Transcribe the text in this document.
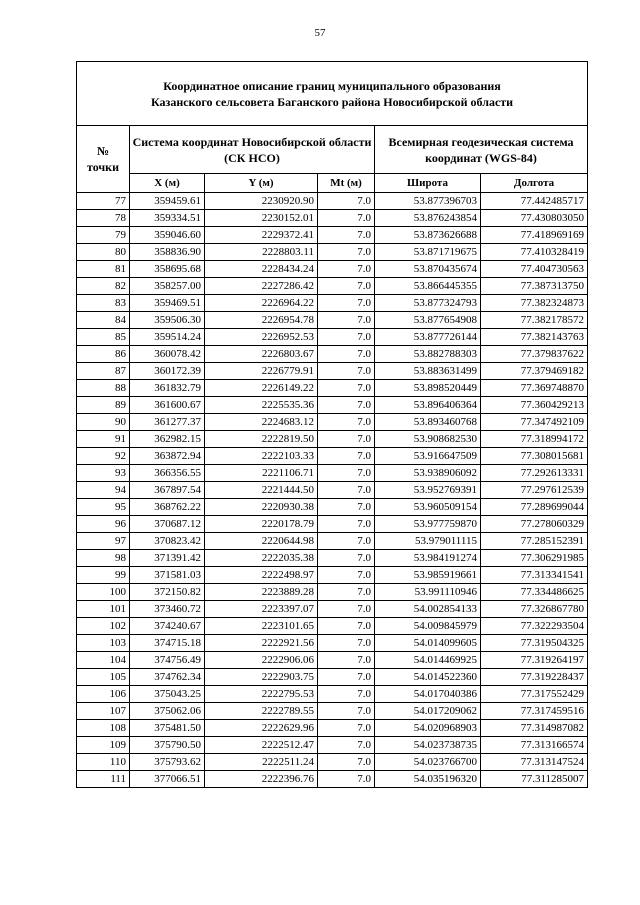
57
Координатное описание границ муниципального образования
Казанского сельсовета Баганского района Новосибирской области					

№
точки	Система координат Новосибирской области (СК НСО)			Всемирная геодезическая система координат (WGS-84)	
	X (м)	Y (м)	Mt (м)	Широта	Долгота
77	359459.61	2230920.90	7.0	53.877396703	77.442485717
78	359334.51	2230152.01	7.0	53.876243854	77.430803050
79	359046.60	2229372.41	7.0	53.873626688	77.418969169
80	358836.90	2228803.11	7.0	53.871719675	77.410328419
81	358695.68	2228434.24	7.0	53.870435674	77.404730563
82	358257.00	2227286.42	7.0	53.866445355	77.387313750
83	359469.51	2226964.22	7.0	53.877324793	77.382324873
84	359506.30	2226954.78	7.0	53.877654908	77.382178572
85	359514.24	2226952.53	7.0	53.877726144	77.382143763
86	360078.42	2226803.67	7.0	53.882788303	77.379837622
87	360172.39	2226779.91	7.0	53.883631499	77.379469182
88	361832.79	2226149.22	7.0	53.898520449	77.369748870
89	361600.67	2225535.36	7.0	53.896406364	77.360429213
90	361277.37	2224683.12	7.0	53.893460768	77.347492109
91	362982.15	2222819.50	7.0	53.908682530	77.318994172
92	363872.94	2222103.33	7.0	53.916647509	77.308015681
93	366356.55	2221106.71	7.0	53.938906092	77.292613331
94	367897.54	2221444.50	7.0	53.952769391	77.297612539
95	368762.22	2220930.38	7.0	53.960509154	77.289699044
96	370687.12	2220178.79	7.0	53.977759870	77.278060329
97	370823.42	2220644.98	7.0	53.979011115	77.285152391
98	371391.42	2222035.38	7.0	53.984191274	77.306291985
99	371581.03	2222498.97	7.0	53.985919661	77.313341541
100	372150.82	2223889.28	7.0	53.991110946	77.334486625
101	373460.72	2223397.07	7.0	54.002854133	77.326867780
102	374240.67	2223101.65	7.0	54.009845979	77.322293504
103	374715.18	2222921.56	7.0	54.014099605	77.319504325
104	374756.49	2222906.06	7.0	54.014469925	77.319264197
105	374762.34	2222903.75	7.0	54.014522360	77.319228437
106	375043.25	2222795.53	7.0	54.017040386	77.317552429
107	375062.06	2222789.55	7.0	54.017209062	77.317459516
108	375481.50	2222629.96	7.0	54.020968903	77.314987082
109	375790.50	2222512.47	7.0	54.023738735	77.313166574
110	375793.62	2222511.24	7.0	54.023766700	77.313147524
111	377066.51	2222396.76	7.0	54.035196320	77.311285007
